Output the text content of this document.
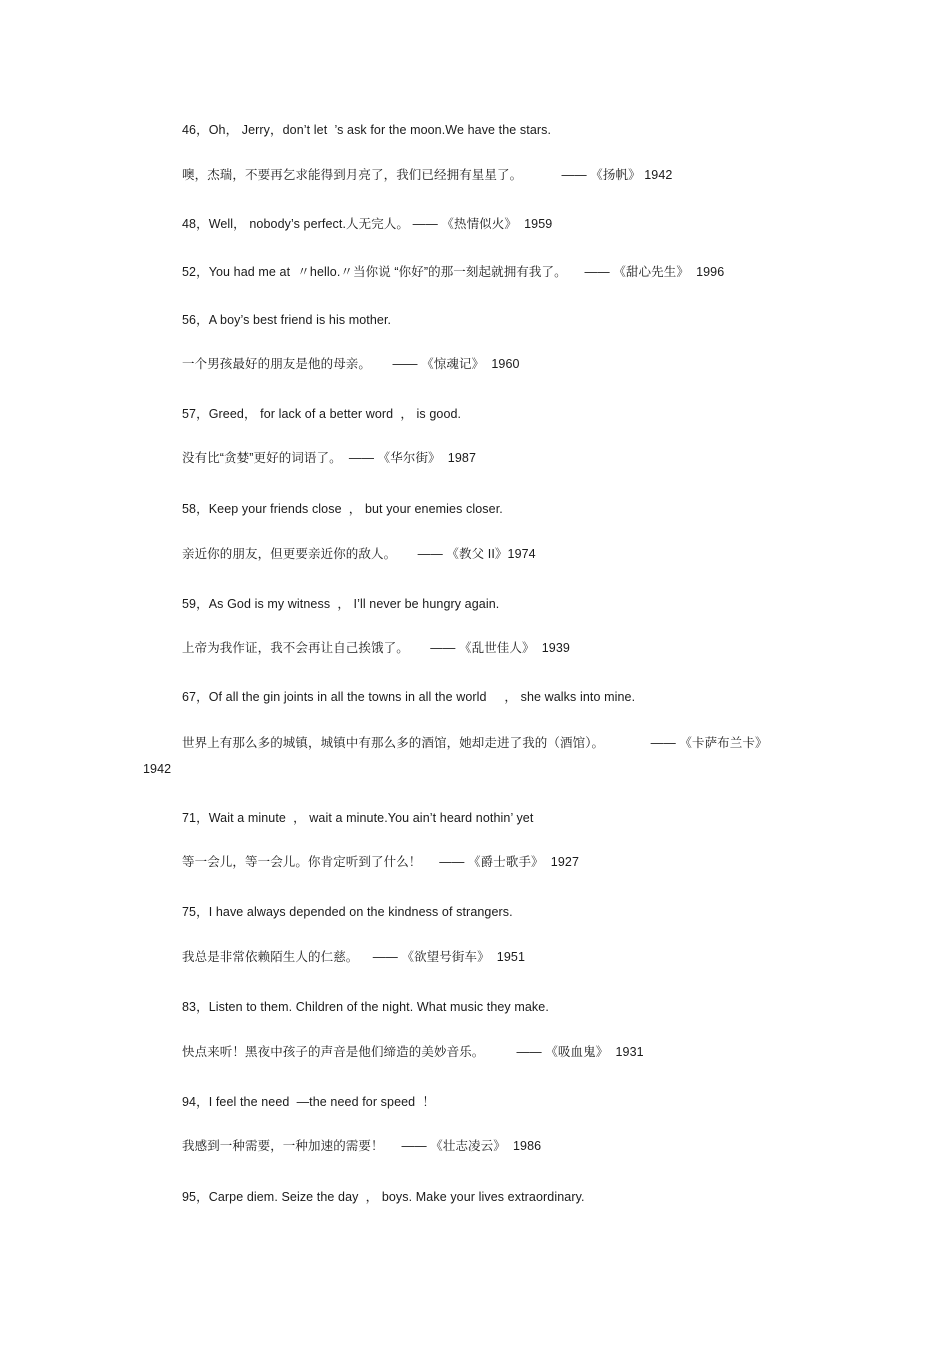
46，Oh， Jerry，don’t let  ’s ask for the moon.We have the stars.
噢，杰瑞，不要再乞求能得到月亮了，我们已经拥有星星了。           —— 《扬帆》 1942
48，Well， nobody’s perfect.人无完人。 —— 《热情似火》  1959
52，You had me at  〃hello.〃当你说 “你好”的那一刻起就拥有我了。     —— 《甜心先生》  1996
56，A boy’s best friend is his mother.
一个男孩最好的朋友是他的母亲。      —— 《惊魂记》  1960
57，Greed， for lack of a better word  ， is good.
没有比“贪婪”更好的词语了。  —— 《华尔街》  1987
58，Keep your friends close  ， but your enemies closer.
亲近你的朋友，但更要亲近你的敌人。      —— 《教父 II》1974
59，As God is my witness  ， I’ll never be hungry again.
上帝为我作证，我不会再让自己挨饿了。      —— 《乱世佳人》  1939
67，Of all the gin joints in all the towns in all the world     ， she walks into mine.
世界上有那么多的城镇，城镇中有那么多的酒馆，她却走进了我的（酒馆）。             —— 《卡萨布兰卡》
1942
71，Wait a minute  ， wait a minute.You ain’t heard nothin’ yet
等一会儿，等一会儿。你肯定听到了什么！     —— 《爵士歌手》  1927
75，I have always depended on the kindness of strangers.
我总是非常依赖陌生人的仁慈。    —— 《欲望号街车》  1951
83，Listen to them. Children of the night. What music they make.
快点来听！黑夜中孩子的声音是他们缔造的美妙音乐。         —— 《吸血鬼》  1931
94，I feel the need  —the need for speed  ！
我感到一种需要，一种加速的需要！     —— 《壮志凌云》  1986
95，Carpe diem. Seize the day  ， boys. Make your lives extraordinary.
